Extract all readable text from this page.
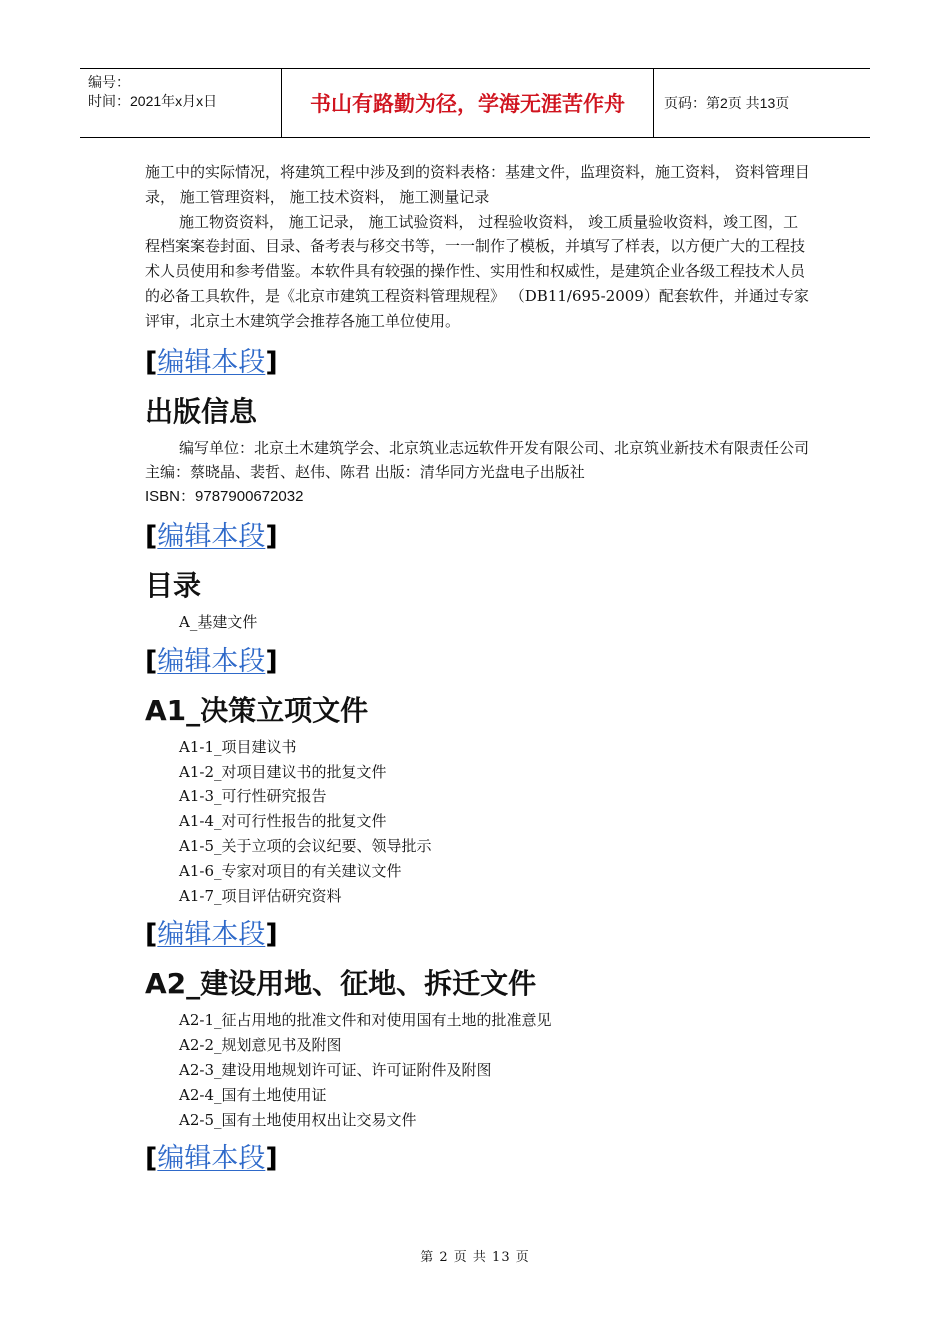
编号：
时间：2021年x月x日	书山有路勤为径，学海无涯苦作舟	页码：第2页 共13页

施工中的实际情况，将建筑工程中涉及到的资料表格：基建文件，监理资料，施工资料， 资料管理目录， 施工管理资料， 施工技术资料， 施工测量记录

施工物资资料， 施工记录， 施工试验资料， 过程验收资料， 竣工质量验收资料，竣工图，工程档案案卷封面、目录、备考表与移交书等，一一制作了模板，并填写了样表，以方便广大的工程技术人员使用和参考借鉴。本软件具有较强的操作性、实用性和权威性，是建筑企业各级工程技术人员的必备工具软件，是《北京市建筑工程资料管理规程》 （DB11/695-2009）配套软件，并通过专家评审，北京土木建筑学会推荐各施工单位使用。

[编辑本段]
出版信息

编写单位：北京土木建筑学会、北京筑业志远软件开发有限公司、北京筑业新技术有限责任公司 主编：蔡晓晶、裴哲、赵伟、陈君 出版：清华同方光盘电子出版社

ISBN：9787900672032

[编辑本段]
目录
A_基建文件
[编辑本段]
A1_决策立项文件
A1-1_项目建议书
A1-2_对项目建议书的批复文件
A1-3_可行性研究报告
A1-4_对可行性报告的批复文件
A1-5_关于立项的会议纪要、领导批示
A1-6_专家对项目的有关建议文件
A1-7_项目评估研究资料
[编辑本段]
A2_建设用地、征地、拆迁文件
A2-1_征占用地的批准文件和对使用国有土地的批准意见
A2-2_规划意见书及附图
A2-3_建设用地规划许可证、许可证附件及附图
A2-4_国有土地使用证
A2-5_国有土地使用权出让交易文件
[编辑本段]
第 2 页 共 13 页
